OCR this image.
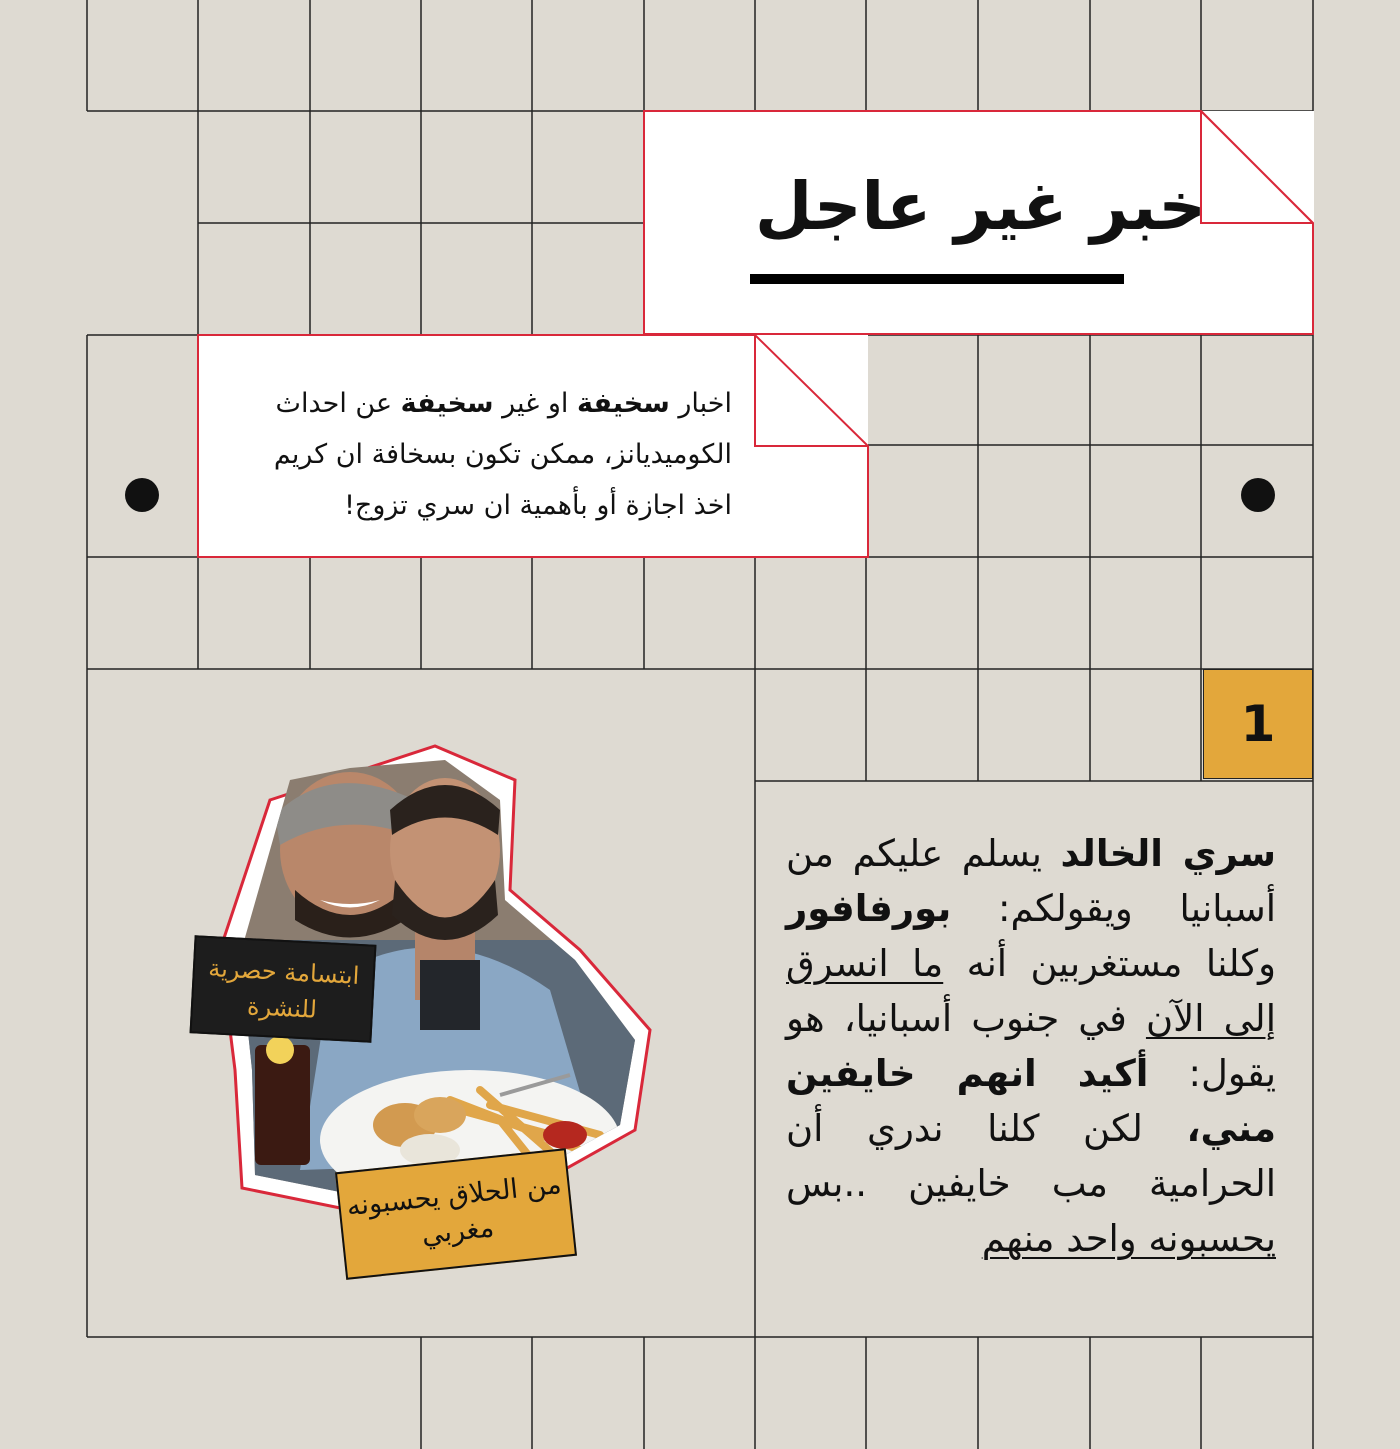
خبر غير عاجل
اخبار سخيفة او غير سخيفة عن احداث الكوميديانز، ممكن تكون بسخافة ان كريم اخذ اجازة أو بأهمية ان سري تزوج!
1
سري الخالد يسلم عليكم من أسبانيا ويقولكم: بورفافور وكلنا مستغربين أنه ما انسرق إلى الآن في جنوب أسبانيا، هو يقول: أكيد انهم خايفين مني، لكن كلنا ندري أن الحرامية مب خايفين ..بس يحسبونه واحد منهم
ابتسامة حصرية للنشرة
من الحلاق يحسبونه مغربي
